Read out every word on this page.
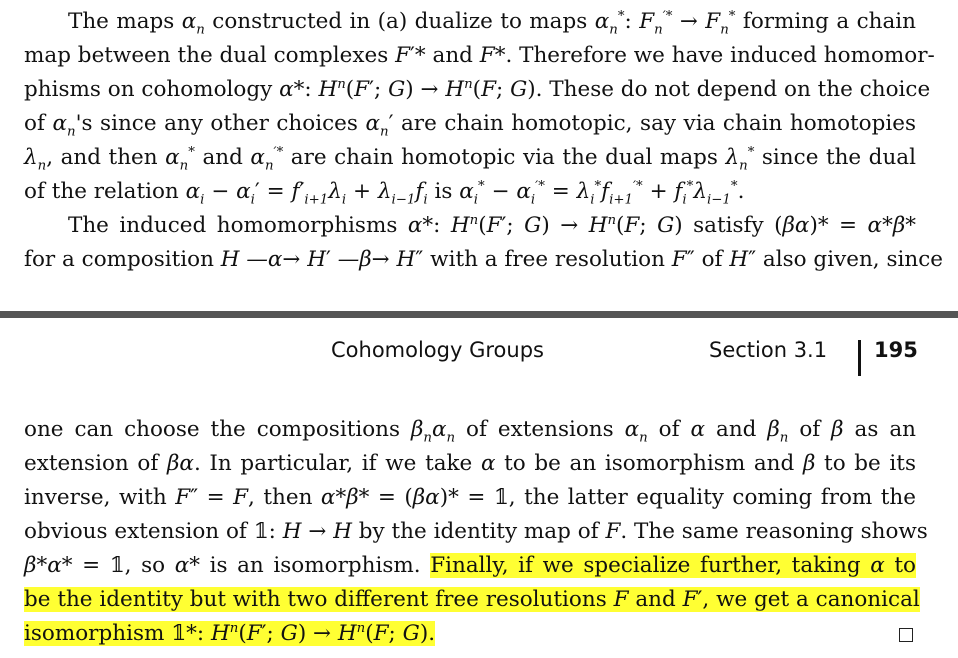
The maps $\alpha_n$ constructed in (a) dualize to maps $\alpha_n^*$: $F_n^{'*} \to F_n^*$ forming a chain
map between the dual complexes F′* and F*. Therefore we have induced homomor-
phisms on cohomology α*: $H^n(F'$; $G) \to H^n(F$; G). These do not depend on the choice
of $\alpha_n's$ since any other choices $\alpha_n'$ are chain homotopic, say via chain homotopies
$\lambda_n$, and then $\alpha_n^*$ and $\alpha_n^{'*}$ are chain homotopic via the dual maps $\lambda_n^*$ since the dual
of the relation $\alpha_i - \alpha_i' = f'_{i+1}\lambda_i + \lambda_{i-1}f_i$ is $\alpha_i^* - \alpha_i^{'*} = \lambda_i^*f_{i+1}^{'*} + f_i^*\lambda_{i-1}^*$.
The induced homomorphisms α*: $H^n(F'$; $G) \to H^n(F$; G) satisfy (βα)* = α*β*
for a composition H —α→ H′ —β→ H″ with a free resolution F″ of H″ also given, since
Cohomology Groups	Section 3.1 195
one can choose the compositions $\beta_n\alpha_n$ of extensions $\alpha_n$ of α and $\beta_n$ of β as an
extension of βα. In particular, if we take α to be an isomorphism and β to be its
inverse, with F″ = F, then α*β* = (βα)* = 𝟙, the latter equality coming from the
obvious extension of 𝟙: H → H by the identity map of F. The same reasoning shows
β*α* = 𝟙, so α* is an isomorphism. Finally, if we specialize further, taking α to
be the identity but with two different free resolutions F and F′, we get a canonical
isomorphism 𝟙*: $H^n(F'$; $G) \to H^n(F$; G).
